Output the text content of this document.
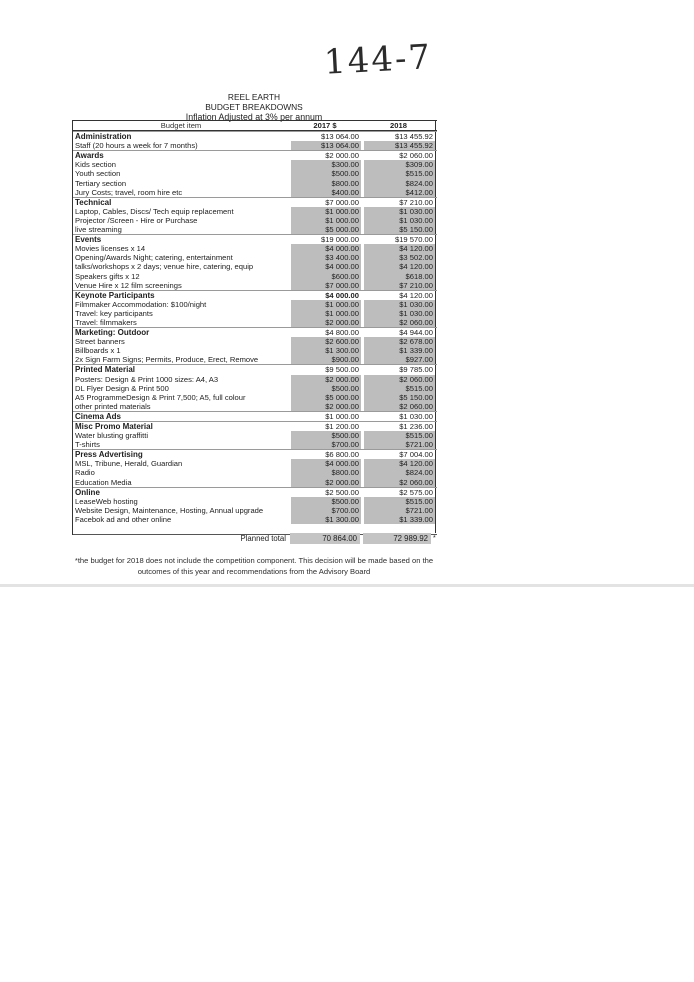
144-7
REEL EARTH
BUDGET BREAKDOWNS
Inflation Adjusted at 3% per annum
Budget item	2017 $	2018
Administration	$13 064.00	$13 455.92
Staff (20 hours a week for 7 months)	$13 064.00	$13 455.92
Awards	$2 000.00	$2 060.00
Kids section	$300.00	$309.00
Youth section	$500.00	$515.00
Tertiary section	$800.00	$824.00
Jury Costs; travel, room hire etc	$400.00	$412.00
Technical	$7 000.00	$7 210.00
Laptop, Cables, Discs/ Tech equip replacement	$1 000.00	$1 030.00
Projector /Screen - Hire or Purchase	$1 000.00	$1 030.00
live streaming	$5 000.00	$5 150.00
Events	$19 000.00	$19 570.00
Movies licenses x 14	$4 000.00	$4 120.00
Opening/Awards Night; catering, entertainment	$3 400.00	$3 502.00
talks/workshops x 2 days; venue hire, catering, equip	$4 000.00	$4 120.00
Speakers gifts x 12	$600.00	$618.00
Venue Hire x 12 film screenings	$7 000.00	$7 210.00
Keynote Participants	$4 000.00	$4 120.00
Filmmaker Accommodation: $100/night	$1 000.00	$1 030.00
Travel: key participants	$1 000.00	$1 030.00
Travel: filmmakers	$2 000.00	$2 060.00
Marketing: Outdoor	$4 800.00	$4 944.00
Street banners	$2 600.00	$2 678.00
Billboards x 1	$1 300.00	$1 339.00
2x Sign Farm Signs; Permits, Produce, Erect, Remove	$900.00	$927.00
Printed Material	$9 500.00	$9 785.00
Posters: Design & Print 1000 sizes: A4, A3	$2 000.00	$2 060.00
DL Flyer Design & Print 500	$500.00	$515.00
A5 ProgrammeDesign & Print 7,500; A5, full colour	$5 000.00	$5 150.00
other printed materials	$2 000.00	$2 060.00
Cinema Ads	$1 000.00	$1 030.00
Misc Promo Material	$1 200.00	$1 236.00
Water blusting graffitti	$500.00	$515.00
T-shirts	$700.00	$721.00
Press Advertising	$6 800.00	$7 004.00
MSL, Tribune, Herald, Guardian	$4 000.00	$4 120.00
Radio	$800.00	$824.00
Education Media	$2 000.00	$2 060.00
Online	$2 500.00	$2 575.00
LeaseWeb hosting	$500.00	$515.00
Website Design, Maintenance, Hosting, Annual upgrade	$700.00	$721.00
Facebok ad and other online	$1 300.00	$1 339.00
Planned total	70 864.00	72 989.92 *
*the budget for 2018 does not include the competition component. This decision will be made based on the outcomes of this year and recommendations from the Advisory Board
